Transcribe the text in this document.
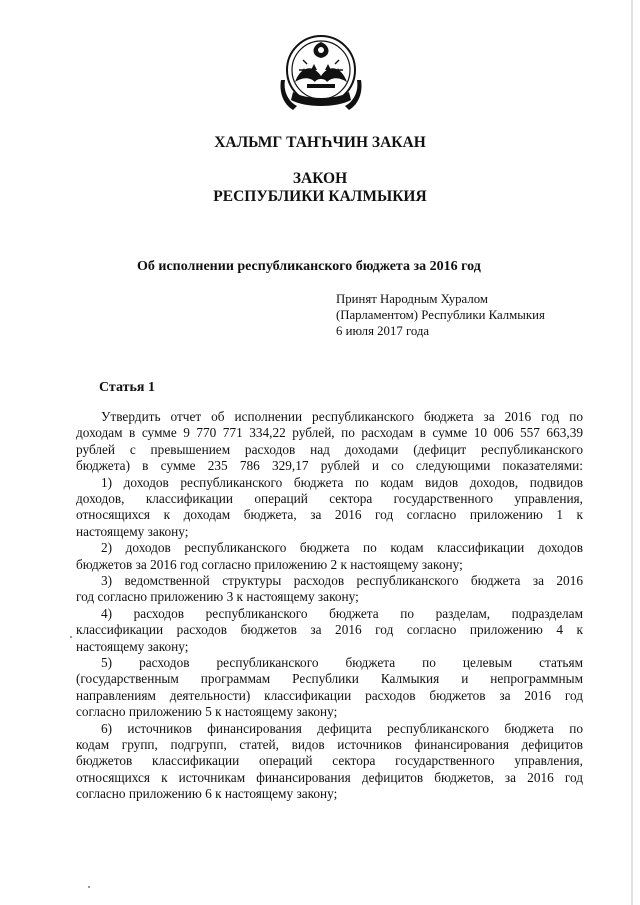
ХАЛЬМГ ТАҤҺЧИН ЗАКАН
ЗАКОН
РЕСПУБЛИКИ КАЛМЫКИЯ
Об исполнении республиканского бюджета за 2016 год
Принят Народным Хуралом
(Парламентом) Республики Калмыкия
6 июля 2017 года
Статья 1
Утвердить отчет об исполнении республиканского бюджета за 2016 год по
доходам в сумме 9 770 771 334,22 рублей, по расходам в сумме 10 006 557 663,39
рублей с превышением расходов над доходами (дефицит республиканского
бюджета) в сумме 235 786 329,17 рублей и со следующими показателями:
1) доходов республиканского бюджета по кодам видов доходов, подвидов
доходов, классификации операций сектора государственного управления,
относящихся к доходам бюджета, за 2016 год согласно приложению 1 к
настоящему закону;
2) доходов республиканского бюджета по кодам классификации доходов
бюджетов за 2016 год согласно приложению 2 к настоящему закону;
3) ведомственной структуры расходов республиканского бюджета за 2016
год согласно приложению 3 к настоящему закону;
4) расходов республиканского бюджета по разделам, подразделам
классификации расходов бюджетов за 2016 год согласно приложению 4 к
настоящему закону;
5) расходов республиканского бюджета по целевым статьям
(государственным программам Республики Калмыкия и непрограммным
направлениям деятельности) классификации расходов бюджетов за 2016 год
согласно приложению 5 к настоящему закону;
6) источников финансирования дефицита республиканского бюджета по
кодам групп, подгрупп, статей, видов источников финансирования дефицитов
бюджетов классификации операций сектора государственного управления,
относящихся к источникам финансирования дефицитов бюджетов, за 2016 год
согласно приложению 6 к настоящему закону;
